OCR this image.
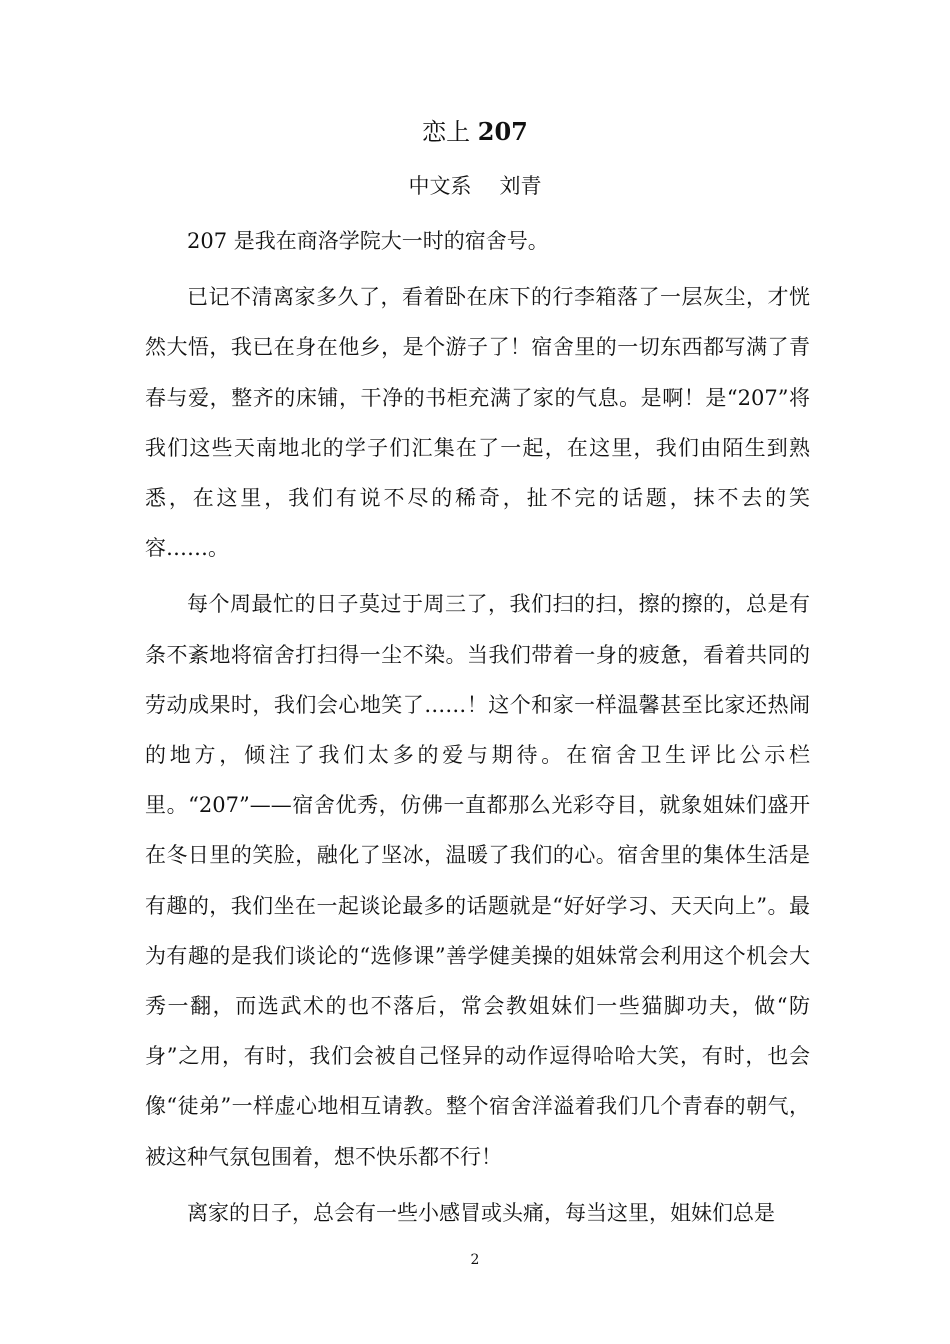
恋上 207
中文系 刘青

207 是我在商洛学院大一时的宿舍号。

已记不清离家多久了，看着卧在床下的行李箱落了一层灰尘，才恍然大悟，我已在身在他乡，是个游子了！宿舍里的一切东西都写满了青春与爱，整齐的床铺，干净的书柜充满了家的气息。是啊！是“207”将我们这些天南地北的学子们汇集在了一起，在这里，我们由陌生到熟悉，在这里，我们有说不尽的稀奇，扯不完的话题，抹不去的笑容……。

每个周最忙的日子莫过于周三了，我们扫的扫，擦的擦的，总是有条不紊地将宿舍打扫得一尘不染。当我们带着一身的疲惫，看着共同的劳动成果时，我们会心地笑了……！这个和家一样温馨甚至比家还热闹的地方，倾注了我们太多的爱与期待。在宿舍卫生评比公示栏里。“207”——宿舍优秀，仿佛一直都那么光彩夺目，就象姐妹们盛开在冬日里的笑脸，融化了坚冰，温暖了我们的心。宿舍里的集体生活是有趣的，我们坐在一起谈论最多的话题就是“好好学习、天天向上”。最为有趣的是我们谈论的“选修课”善学健美操的姐妹常会利用这个机会大秀一翻，而选武术的也不落后，常会教姐妹们一些猫脚功夫，做“防身”之用，有时，我们会被自己怪异的动作逗得哈哈大笑，有时，也会像“徒弟”一样虚心地相互请教。整个宿舍洋溢着我们几个青春的朝气，被这种气氛包围着，想不快乐都不行！

离家的日子，总会有一些小感冒或头痛，每当这里，姐妹们总是

2
